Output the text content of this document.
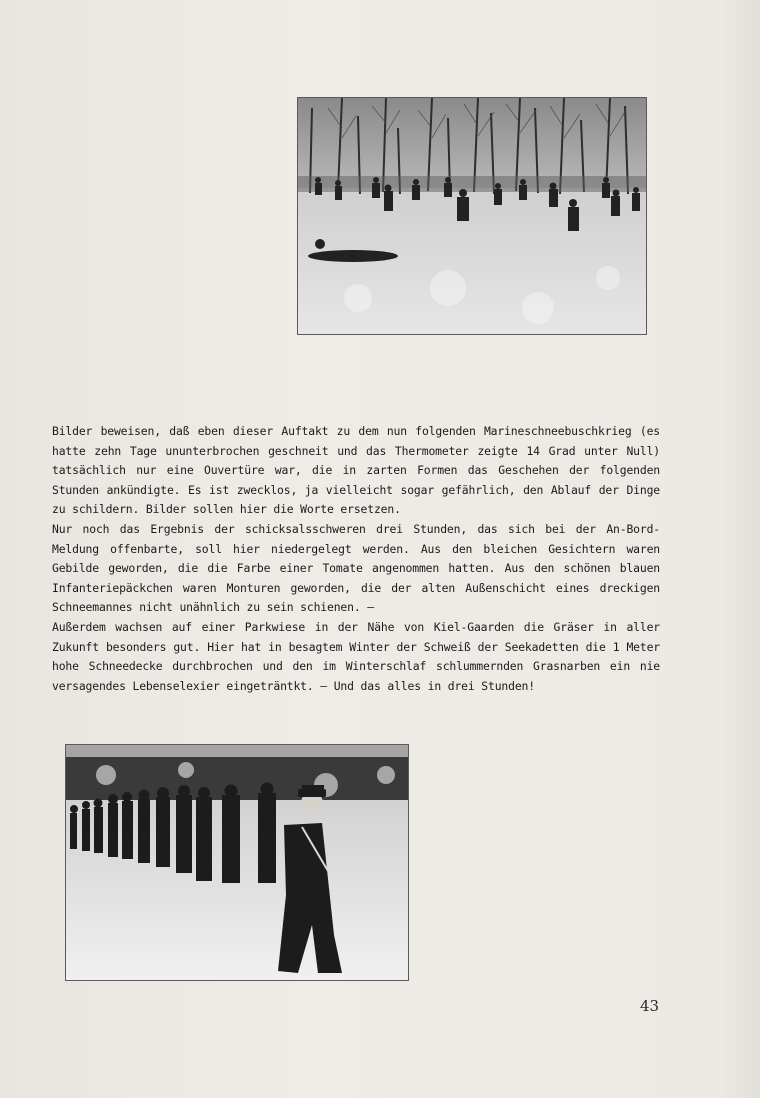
Bilder beweisen, daß eben dieser Auftakt zu dem nun folgenden Marineschneebuschkrieg (es hatte zehn Tage ununterbrochen geschneit und das Thermometer zeigte 14 Grad unter Null) tatsächlich nur eine Ouvertüre war, die in zarten Formen das Geschehen der folgenden Stunden ankündigte. Es ist zwecklos, ja vielleicht sogar gefährlich, den Ablauf der Dinge zu schildern. Bilder sollen hier die Worte ersetzen.

Nur noch das Ergebnis der schicksalsschweren drei Stunden, das sich bei der An-Bord-Meldung offenbarte, soll hier niedergelegt werden. Aus den bleichen Gesichtern waren Gebilde geworden, die die Farbe einer Tomate angenommen hatten. Aus den schönen blauen Infanteriepäckchen waren Monturen geworden, die der alten Außenschicht eines dreckigen Schneemannes nicht unähnlich zu sein schienen. —

Außerdem wachsen auf einer Parkwiese in der Nähe von Kiel-Gaarden die Gräser in aller Zukunft besonders gut. Hier hat in besagtem Winter der Schweiß der Seekadetten die 1 Meter hohe Schneedecke durchbrochen und den im Winterschlaf schlummernden Grasnarben ein nie versagendes Lebenselexier eingeträntkt. — Und das alles in drei Stunden!

43
